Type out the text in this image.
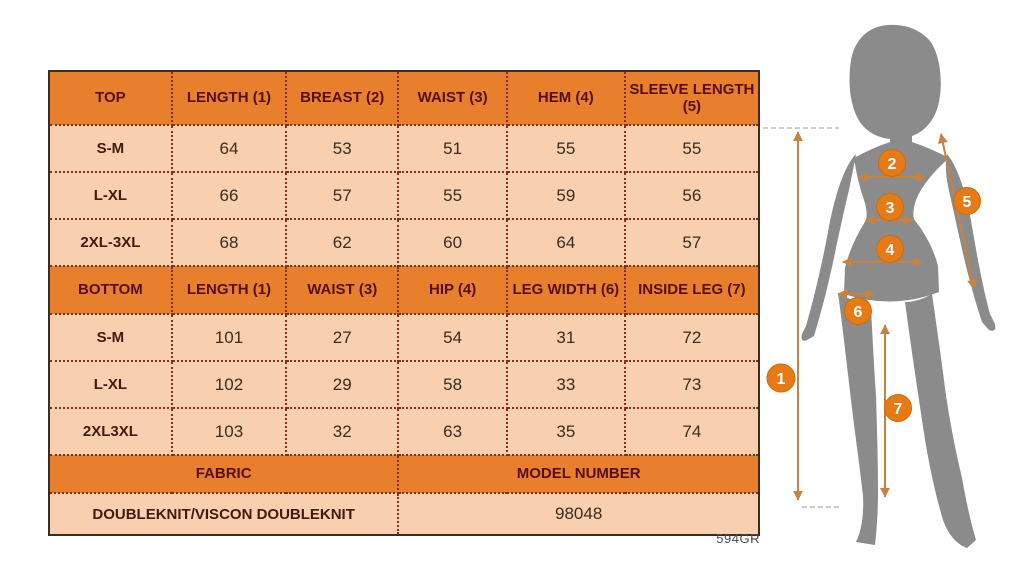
TOP	LENGTH (1)	BREAST (2)	WAIST (3)	HEM (4)	SLEEVE LENGTH (5)
S-M	64	53	51	55	55
L-XL	66	57	55	59	56
2XL-3XL	68	62	60	64	57
BOTTOM	LENGTH (1)	WAIST (3)	HIP (4)	LEG WIDTH (6)	INSIDE LEG (7)
S-M	101	27	54	31	72
L-XL	102	29	58	33	73
2XL3XL	103	32	63	35	74
FABRIC			MODEL NUMBER		
DOUBLEKNIT/VISCON DOUBLEKNIT			98048		
594GR
1
2
3
4
5
6
7
